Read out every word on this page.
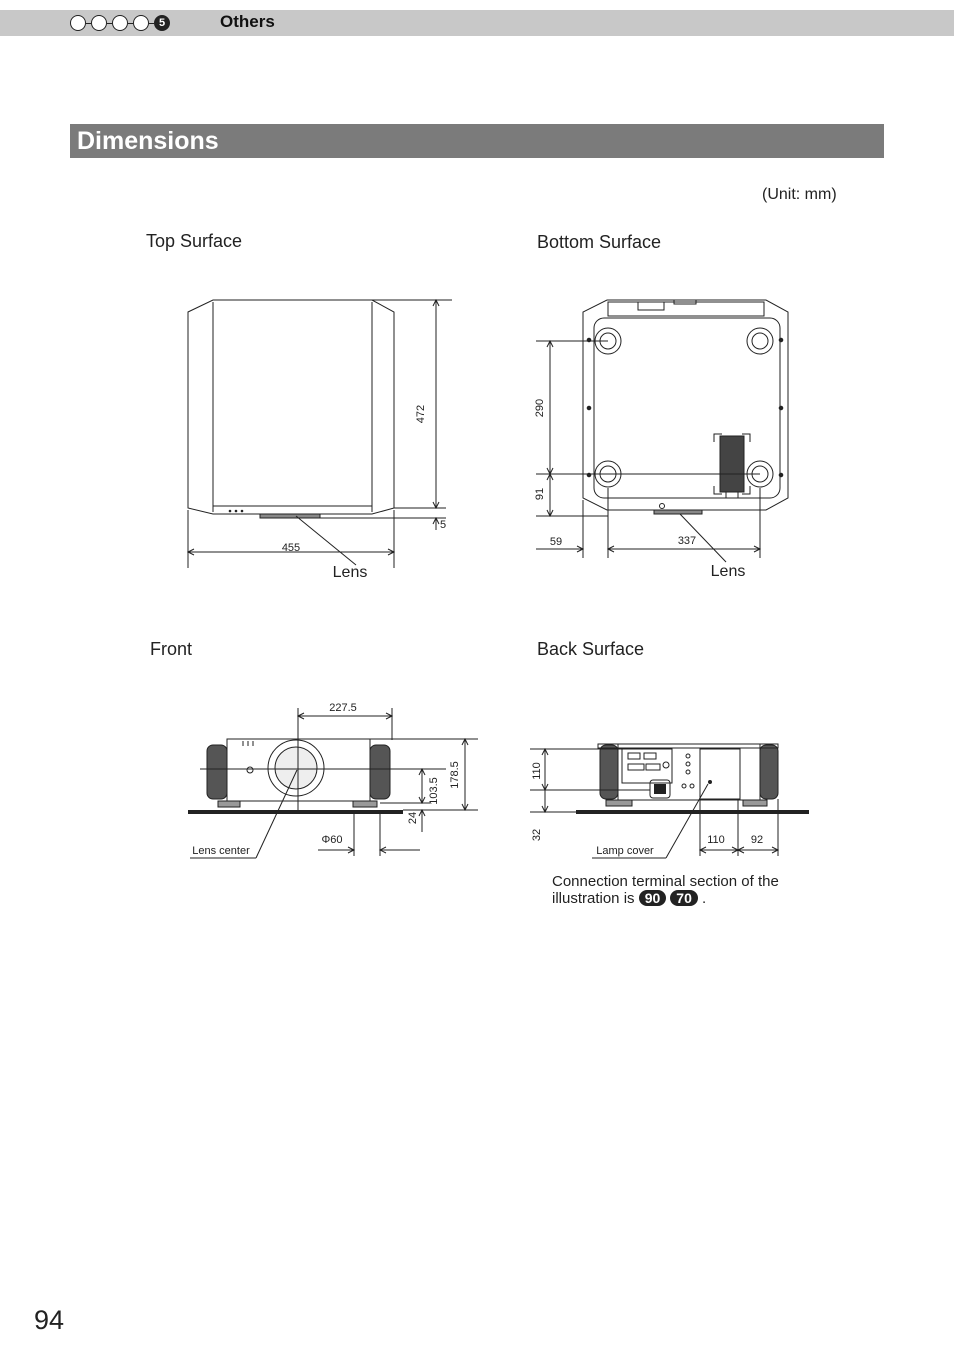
5	Others
Dimensions
(Unit: mm)
Top Surface	Bottom Surface
Front	Back Surface
472
5
455
Lens
290
91
59	337
Lens
227.5
103.5
178.5
24
Φ60
Lens center
110
32
Lamp cover
110 92
Connection terminal section of the illustration is 90 70 .
94
